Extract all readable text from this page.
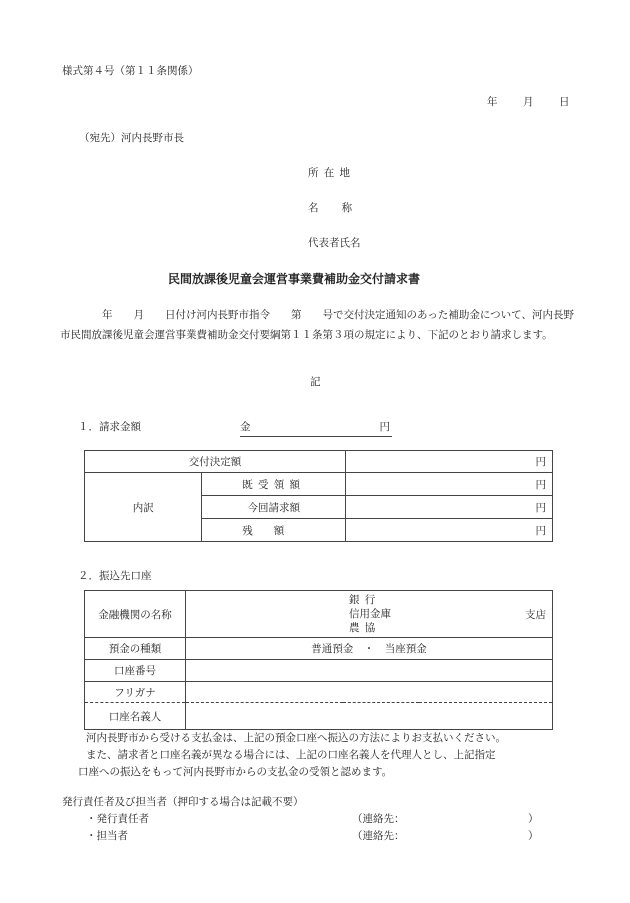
様式第４号（第１１条関係）
年 月 日
（宛先）河内長野市長
所在地
名称
代表者氏名
民間放課後児童会運営事業費補助金交付請求書
　　　　年　　月　　日付け河内長野市指令　　第　　号で交付決定通知のあった補助金について、河内長野市民間放課後児童会運営事業費補助金交付要綱第１１条第３項の規定により、下記のとおり請求します。
記
１．請求金額	金	円
交付決定額		円
内訳	既受領額	円
	今回請求額	円
	残額	円
２．振込先口座
金融機関の名称		銀行
信用金庫
農協	支店
預金の種類	普通預金　・　当座預金		
口座番号			
フリガナ			
口座名義人			
河内長野市から受ける支払金は、上記の預金口座へ振込の方法によりお支払いください。
また、請求者と口座名義が異なる場合には、上記の口座名義人を代理人とし、上記指定
口座への振込をもって河内長野市からの支払金の受領と認めます。
発行責任者及び担当者（押印する場合は記載不要）
・発行責任者	（連絡先：	）
・担当者	（連絡先：	）
